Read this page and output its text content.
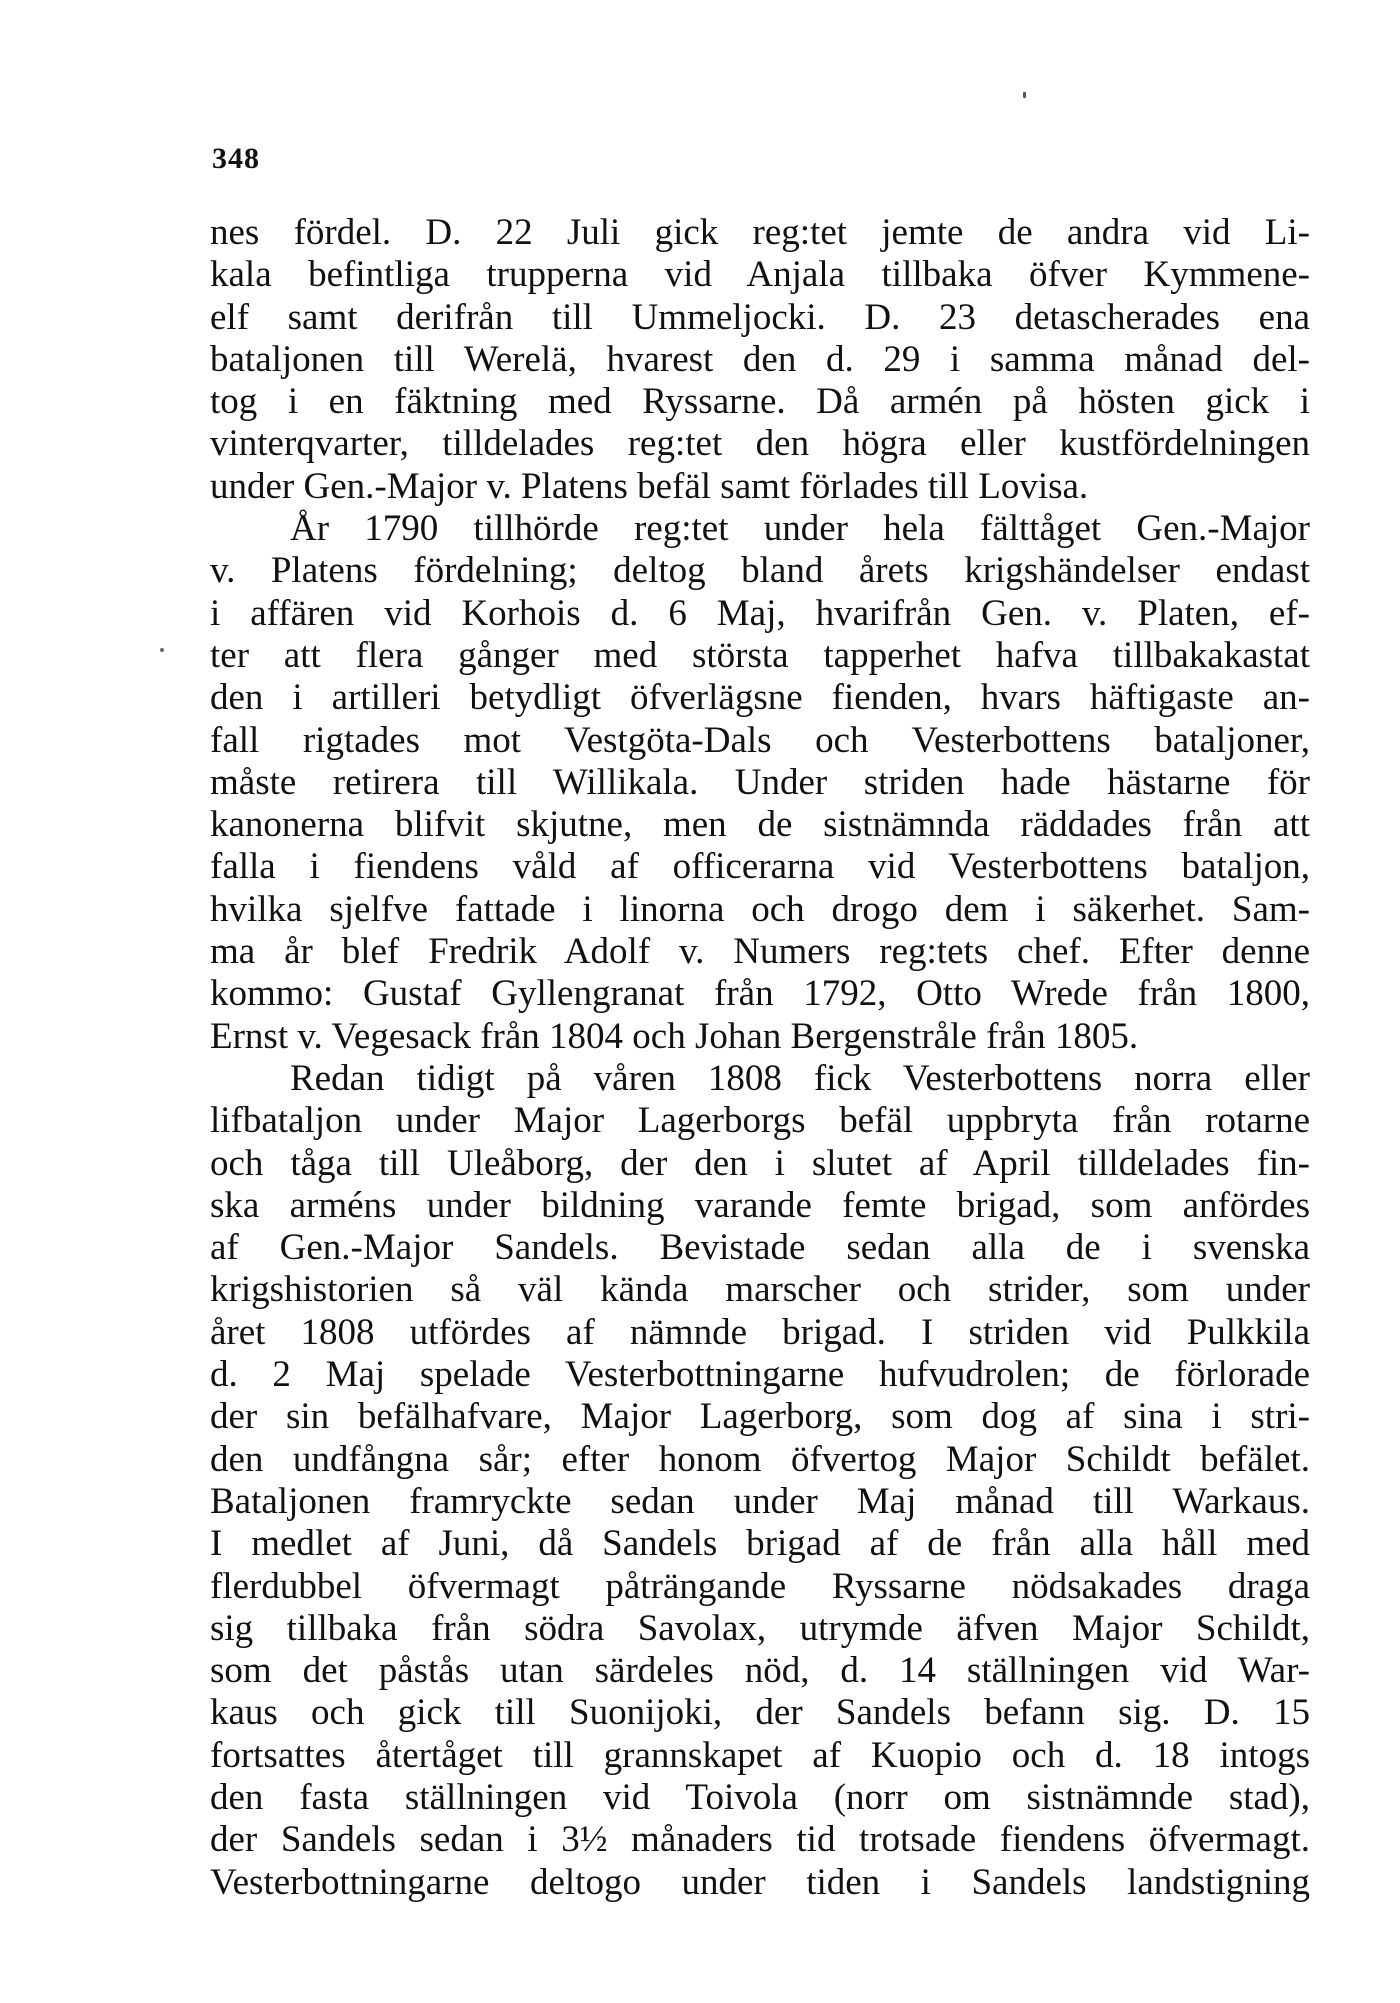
348
nes fördel. D. 22 Juli gick reg:tet jemte de andra vid Li-
kala befintliga trupperna vid Anjala tillbaka öfver Kymmene-
elf samt derifrån till Ummeljocki. D. 23 detascherades ena
bataljonen till Werelä, hvarest den d. 29 i samma månad del-
tog i en fäktning med Ryssarne. Då armén på hösten gick i
vinterqvarter, tilldelades reg:tet den högra eller kustfördelningen
under Gen.-Major v. Platens befäl samt förlades till Lovisa.
År 1790 tillhörde reg:tet under hela fälttåget Gen.-Major
v. Platens fördelning; deltog bland årets krigshändelser endast
i affären vid Korhois d. 6 Maj, hvarifrån Gen. v. Platen, ef-
ter att flera gånger med största tapperhet hafva tillbakakastat
den i artilleri betydligt öfverlägsne fienden, hvars häftigaste an-
fall rigtades mot Vestgöta-Dals och Vesterbottens bataljoner,
måste retirera till Willikala. Under striden hade hästarne för
kanonerna blifvit skjutne, men de sistnämnda räddades från att
falla i fiendens våld af officerarna vid Vesterbottens bataljon,
hvilka sjelfve fattade i linorna och drogo dem i säkerhet. Sam-
ma år blef Fredrik Adolf v. Numers reg:tets chef. Efter denne
kommo: Gustaf Gyllengranat från 1792, Otto Wrede från 1800,
Ernst v. Vegesack från 1804 och Johan Bergenstråle från 1805.
Redan tidigt på våren 1808 fick Vesterbottens norra eller
lifbataljon under Major Lagerborgs befäl uppbryta från rotarne
och tåga till Uleåborg, der den i slutet af April tilldelades fin-
ska arméns under bildning varande femte brigad, som anfördes
af Gen.-Major Sandels. Bevistade sedan alla de i svenska
krigshistorien så väl kända marscher och strider, som under
året 1808 utfördes af nämnde brigad. I striden vid Pulkkila
d. 2 Maj spelade Vesterbottningarne hufvudrolen; de förlorade
der sin befälhafvare, Major Lagerborg, som dog af sina i stri-
den undfångna sår; efter honom öfvertog Major Schildt befälet.
Bataljonen framryckte sedan under Maj månad till Warkaus.
I medlet af Juni, då Sandels brigad af de från alla håll med
flerdubbel öfvermagt påträngande Ryssarne nödsakades draga
sig tillbaka från södra Savolax, utrymde äfven Major Schildt,
som det påstås utan särdeles nöd, d. 14 ställningen vid War-
kaus och gick till Suonijoki, der Sandels befann sig. D. 15
fortsattes återtåget till grannskapet af Kuopio och d. 18 intogs
den fasta ställningen vid Toivola (norr om sistnämnde stad),
der Sandels sedan i 3½ månaders tid trotsade fiendens öfvermagt.
Vesterbottningarne deltogo under tiden i Sandels landstigning
